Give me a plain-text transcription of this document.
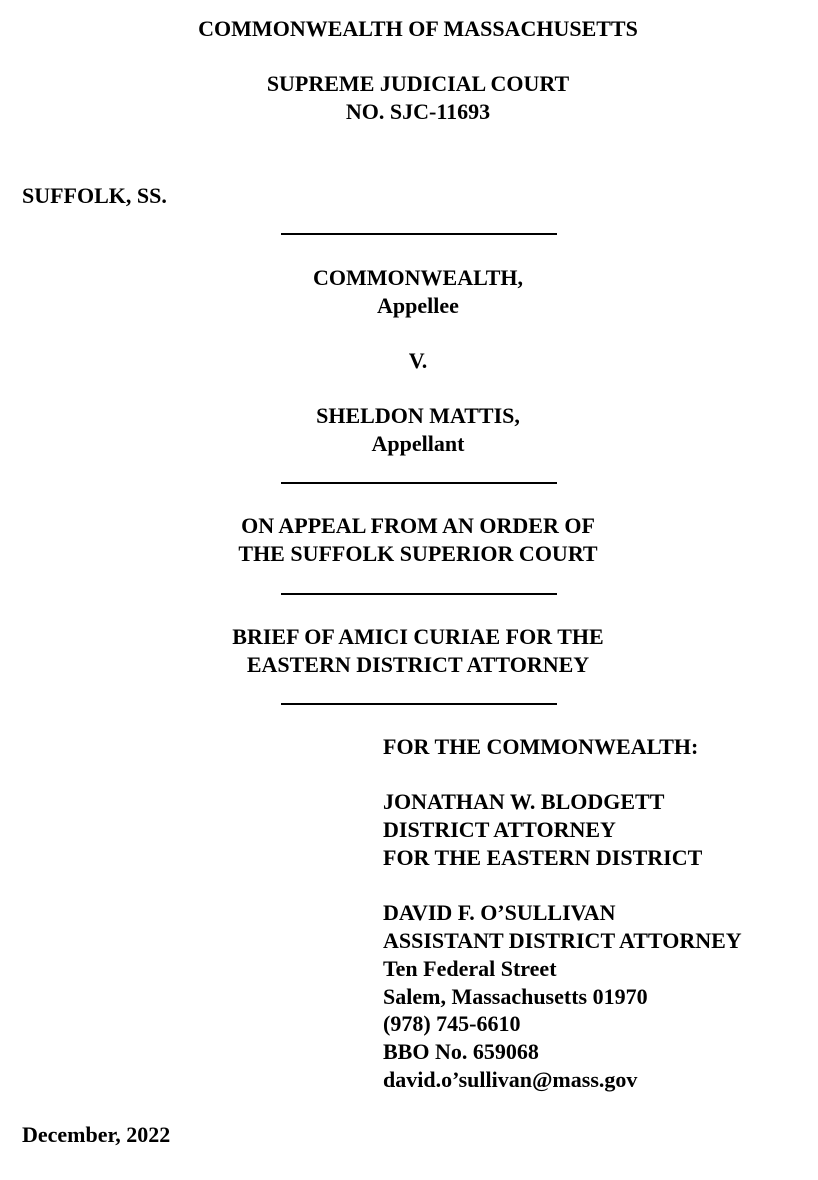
COMMONWEALTH OF MASSACHUSETTS
SUPREME JUDICIAL COURT
NO. SJC-11693
SUFFOLK, SS.
COMMONWEALTH,
Appellee
V.
SHELDON MATTIS,
Appellant
ON APPEAL FROM AN ORDER OF
THE SUFFOLK SUPERIOR COURT
BRIEF OF AMICI CURIAE FOR THE
EASTERN DISTRICT ATTORNEY
FOR THE COMMONWEALTH:
JONATHAN W. BLODGETT
DISTRICT ATTORNEY
FOR THE EASTERN DISTRICT
DAVID F. O’SULLIVAN
ASSISTANT DISTRICT ATTORNEY
Ten Federal Street
Salem, Massachusetts 01970
(978) 745-6610
BBO No. 659068
david.o’sullivan@mass.gov
December, 2022
